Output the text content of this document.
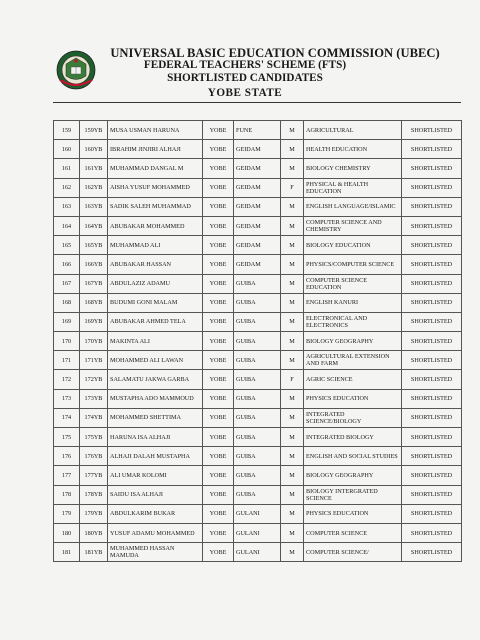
UNIVERSAL BASIC EDUCATION COMMISSION (UBEC)
FEDERAL TEACHERS' SCHEME (FTS)
SHORTLISTED CANDIDATES
YOBE STATE
159	159YB	MUSA USMAN HARUNA	YOBE	FUNE	M	AGRICULTURAL	SHORTLISTED
160	160YB	IBRAHIM JINJIRI ALHAJI	YOBE	GEIDAM	M	HEALTH EDUCATION	SHORTLISTED
161	161YB	MUHAMMAD DANGAL M	YOBE	GEIDAM	M	BIOLOGY CHEMISTRY	SHORTLISTED
162	162YB	AISHA YUSUF MOHAMMED	YOBE	GEIDAM	F	PHYSICAL & HEALTH EDUCATION	SHORTLISTED
163	163YB	SADIK SALEH MUHAMMAD	YOBE	GEIDAM	M	ENGLISH LANGUAGE/ISLAMIC	SHORTLISTED
164	164YB	ABUBAKAR MOHAMMED	YOBE	GEIDAM	M	COMPUTER SCIENCE AND CHEMISTRY	SHORTLISTED
165	165YB	MUHAMMAD ALI	YOBE	GEIDAM	M	BIOLOGY EDUCATION	SHORTLISTED
166	166YB	ABUBAKAR HASSAN	YOBE	GEIDAM	M	PHYSICS/COMPUTER SCIENCE	SHORTLISTED
167	167YB	ABDULAZIZ ADAMU	YOBE	GUIBA	M	COMPUTER SCIENCE EDUCATION	SHORTLISTED
168	168YB	BUDUMI GONI MALAM	YOBE	GUIBA	M	ENGLISH KANURI	SHORTLISTED
169	169YB	ABUBAKAR AHMED TELA	YOBE	GUIBA	M	ELECTRONICAL AND ELECTRONICS	SHORTLISTED
170	170YB	MAKINTA ALI	YOBE	GUIBA	M	BIOLOGY GEOGRAPHY	SHORTLISTED
171	171YB	MOHAMMED ALI LAWAN	YOBE	GUIBA	M	AGRICULTURAL EXTENSION AND FARM	SHORTLISTED
172	172YB	SALAMATU JAKWA GARBA	YOBE	GUIBA	F	AGRIC SCIENCE	SHORTLISTED
173	173YB	MUSTAPHA ADO MAMMOUD	YOBE	GUIBA	M	PHYSICS EDUCATION	SHORTLISTED
174	174YB	MOHAMMED SHETTIMA	YOBE	GUIBA	M	INTEGRATED SCIENCE/BIOLOGY	SHORTLISTED
175	175YB	HARUNA ISA ALHAJI	YOBE	GUIBA	M	INTEGRATED BIOLOGY	SHORTLISTED
176	176YB	ALHAJI DALAH MUSTAPHA	YOBE	GUIBA	M	ENGLISH AND SOCIAL STUDIES	SHORTLISTED
177	177YB	ALI UMAR KOLOMI	YOBE	GUIBA	M	BIOLOGY GEOGRAPHY	SHORTLISTED
178	178YB	SAIDU ISA ALHAJI	YOBE	GUIBA	M	BIOLOGY INTERGRATED SCIENCE	SHORTLISTED
179	179YB	ABDULKARIM BUKAR	YOBE	GULANI	M	PHYSICS EDUCATION	SHORTLISTED
180	180YB	YUSUF ADAMU MOHAMMED	YOBE	GULANI	M	COMPUTER SCIENCE	SHORTLISTED
181	181YB	MUHAMMED HASSAN MAMUDA	YOBE	GULANI	M	COMPUTER SCIENCE/	SHORTLISTED
